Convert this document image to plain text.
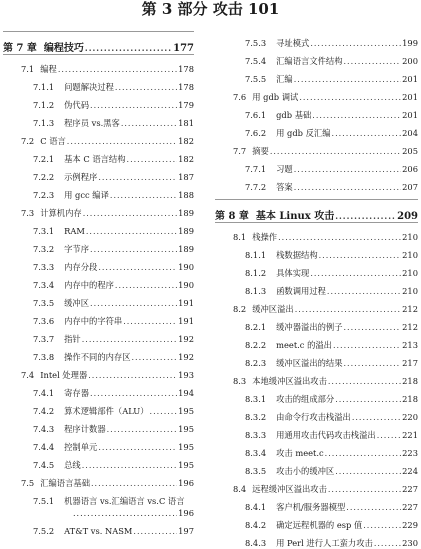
第 3 部分 攻击 101
第 7 章 编程技巧 .....	177
7.1 编程 .....	178
7.1.1 问题解决过程 .....	178
7.1.2 伪代码 .....	179
7.1.3 程序员 vs.黑客 .....	181
7.2 C 语言 .....	182
7.2.1 基本 C 语言结构 .....	182
7.2.2 示例程序 .....	187
7.2.3 用 gcc 编译 .....	188
7.3 计算机内存 .....	189
7.3.1 RAM .....	189
7.3.2 字节序 .....	189
7.3.3 内存分段 .....	190
7.3.4 内存中的程序 .....	190
7.3.5 缓冲区 .....	191
7.3.6 内存中的字符串 .....	191
7.3.7 指针 .....	192
7.3.8 操作不同的内存区 .....	192
7.4 Intel 处理器 .....	193
7.4.1 寄存器 .....	194
7.4.2 算术逻辑部件（ALU） .....	195
7.4.3 程序计数器 .....	195
7.4.4 控制单元 .....	195
7.4.5 总线 .....	195
7.5 汇编语言基础 .....	196
7.5.1 机器语言 vs.汇编语言 vs.C 语言
.....
196
7.5.2 AT&T vs. NASM .....	197
7.5.3 寻址模式 .....	199
7.5.4 汇编语言文件结构 .....	200
7.5.5 汇编 .....	201
7.6 用 gdb 调试 .....	201
7.6.1 gdb 基础 .....	201
7.6.2 用 gdb 反汇编 .....	204
7.7 摘要 .....	205
7.7.1 习题 .....	206
7.7.2 答案 .....	207
第 8 章 基本 Linux 攻击 .....	209
8.1 栈操作 .....	210
8.1.1 栈数据结构 .....	210
8.1.2 具体实现 .....	210
8.1.3 函数调用过程 .....	210
8.2 缓冲区溢出 .....	212
8.2.1 缓冲器溢出的例子 .....	212
8.2.2 meet.c 的溢出 .....	213
8.2.3 缓冲区溢出的结果 .....	217
8.3 本地缓冲区溢出攻击 .....	218
8.3.1 攻击的组成部分 .....	218
8.3.2 由命令行攻击栈溢出 .....	220
8.3.3 用通用攻击代码攻击栈溢出 .....	221
8.3.4 攻击 meet.c .....	223
8.3.5 攻击小的缓冲区 .....	224
8.4 远程缓冲区溢出攻击 .....	227
8.4.1 客户机/服务器模型 .....	227
8.4.2 确定远程机器的 esp 值 .....	229
8.4.3 用 Perl 进行人工蛮力攻击 .....	230
